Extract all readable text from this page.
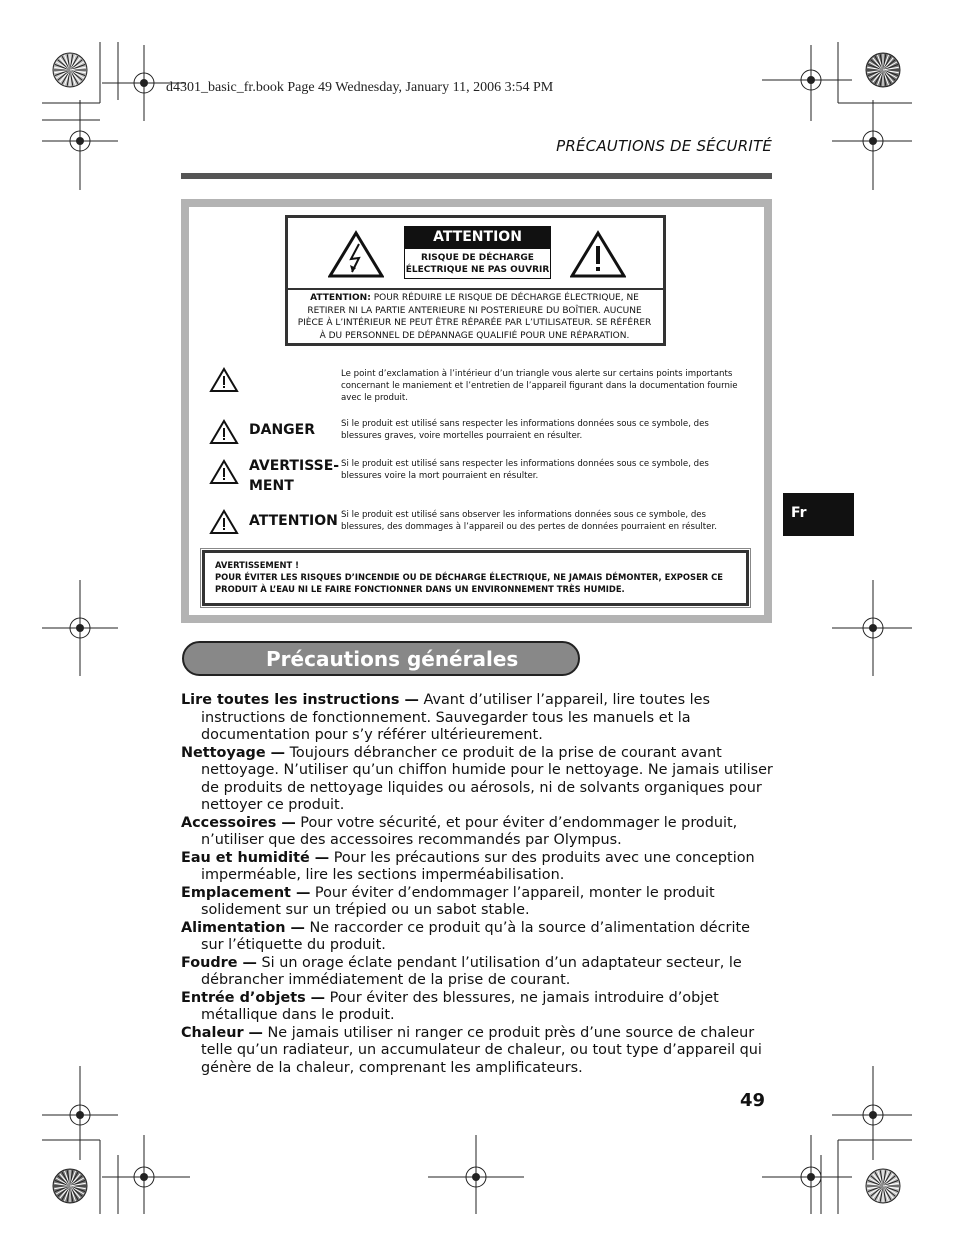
d4301_basic_fr.book Page 49 Wednesday, January 11, 2006 3:54 PM
PRÉCAUTIONS DE SÉCURITÉ
ATTENTION
RISQUE DE DÉCHARGE
ÉLECTRIQUE NE PAS OUVRIR
ATTENTION: POUR RÉDUIRE LE RISQUE DE DÉCHARGE ÉLECTRIQUE, NE RETIRER NI LA PARTIE ANTERIEURE NI POSTERIEURE DU BOÎTIER. AUCUNE PIÈCE À L’INTÉRIEUR NE PEUT ÊTRE RÉPARÉE PAR L’UTILISATEUR. SE RÉFÉRER À DU PERSONNEL DE DÉPANNAGE QUALIFIÉ POUR UNE RÉPARATION.
Le point d’exclamation à l’intérieur d’un triangle vous alerte sur certains points importants concernant le maniement et l’entretien de l’appareil figurant dans la documentation fournie avec le produit.
DANGER	Si le produit est utilisé sans respecter les informations données sous ce symbole, des blessures graves, voire mortelles pourraient en résulter.
AVERTISSE-
MENT
Si le produit est utilisé sans respecter les informations données sous ce symbole, des blessures voire la mort pourraient en résulter.
ATTENTION Si le produit est utilisé sans observer les informations données sous ce symbole, des blessures, des dommages à l’appareil ou des pertes de données pourraient en résulter.
AVERTISSEMENT !
POUR ÉVITER LES RISQUES D’INCENDIE OU DE DÉCHARGE ÉLECTRIQUE, NE JAMAIS DÉMONTER, EXPOSER CE PRODUIT À L’EAU NI LE FAIRE FONCTIONNER DANS UN ENVIRONNEMENT TRÈS HUMIDE.
Fr
Précautions générales

Lire toutes les instructions — Avant d’utiliser l’appareil, lire toutes les instructions de fonctionnement. Sauvegarder tous les manuels et la documentation pour s’y référer ultérieurement.

Nettoyage — Toujours débrancher ce produit de la prise de courant avant nettoyage. N’utiliser qu’un chiffon humide pour le nettoyage. Ne jamais utiliser de produits de nettoyage liquides ou aérosols, ni de solvants organiques pour nettoyer ce produit.

Accessoires — Pour votre sécurité, et pour éviter d’endommager le produit, n’utiliser que des accessoires recommandés par Olympus.

Eau et humidité — Pour les précautions sur des produits avec une conception imperméable, lire les sections imperméabilisation.

Emplacement — Pour éviter d’endommager l’appareil, monter le produit solidement sur un trépied ou un sabot stable.

Alimentation — Ne raccorder ce produit qu’à la source d’alimentation décrite sur l’étiquette du produit.

Foudre — Si un orage éclate pendant l’utilisation d’un adaptateur secteur, le débrancher immédiatement de la prise de courant.

Entrée d’objets — Pour éviter des blessures, ne jamais introduire d’objet métallique dans le produit.

Chaleur — Ne jamais utiliser ni ranger ce produit près d’une source de chaleur telle qu’un radiateur, un accumulateur de chaleur, ou tout type d’appareil qui génère de la chaleur, comprenant les amplificateurs.

49
